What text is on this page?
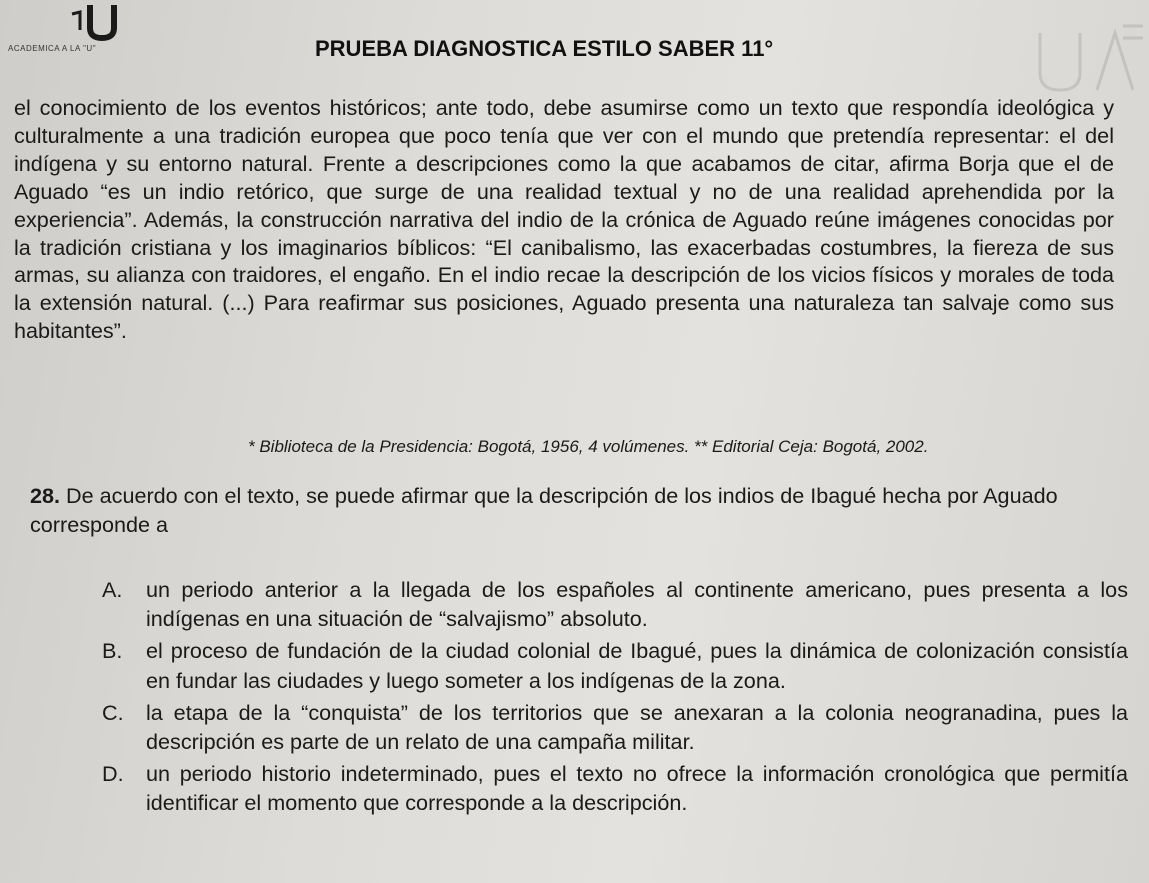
ACADEMICA A LA "U"	PRUEBA DIAGNOSTICA ESTILO SABER 11°

el conocimiento de los eventos históricos; ante todo, debe asumirse como un texto que respondía ideológica y culturalmente a una tradición europea que poco tenía que ver con el mundo que pretendía representar: el del indígena y su entorno natural. Frente a descripciones como la que acabamos de citar, afirma Borja que el de Aguado “es un indio retórico, que surge de una realidad textual y no de una realidad aprehendida por la experiencia”. Además, la construcción narrativa del indio de la crónica de Aguado reúne imágenes conocidas por la tradición cristiana y los imaginarios bíblicos: “El canibalismo, las exacerbadas costumbres, la fiereza de sus armas, su alianza con traidores, el engaño. En el indio recae la descripción de los vicios físicos y morales de toda la extensión natural. (...) Para reafirmar sus posiciones, Aguado presenta una naturaleza tan salvaje como sus habitantes”.

* Biblioteca de la Presidencia: Bogotá, 1956, 4 volúmenes. ** Editorial Ceja: Bogotá, 2002.
28. De acuerdo con el texto, se puede afirmar que la descripción de los indios de Ibagué hecha por Aguado corresponde a
A. un periodo anterior a la llegada de los españoles al continente americano, pues presenta a los indígenas en una situación de “salvajismo” absoluto.
B. el proceso de fundación de la ciudad colonial de Ibagué, pues la dinámica de colonización consistía en fundar las ciudades y luego someter a los indígenas de la zona.
C. la etapa de la “conquista” de los territorios que se anexaran a la colonia neogranadina, pues la descripción es parte de un relato de una campaña militar.
D. un periodo historio indeterminado, pues el texto no ofrece la información cronológica que permitía identificar el momento que corresponde a la descripción.
